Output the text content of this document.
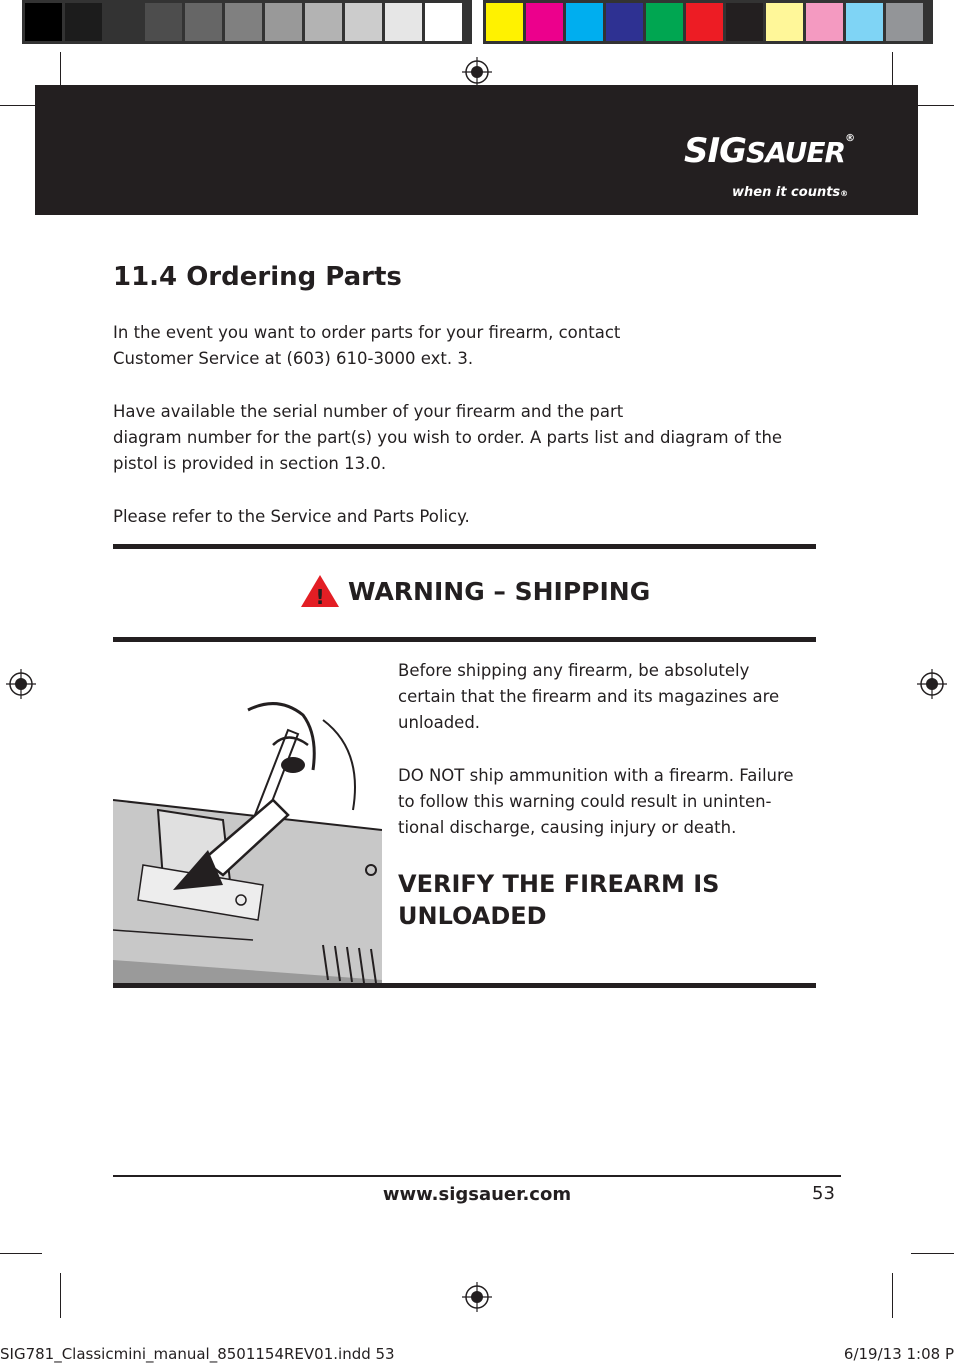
SIGSAUER®
when it counts®
11.4 Ordering Parts
In the event you want to order parts for your firearm, contact
Customer Service at (603) 610-3000 ext. 3.
Have available the serial number of your firearm and the part
diagram number for the part(s) you wish to order. A parts list and diagram of the
pistol is provided in section 13.0.
Please refer to the Service and Parts Policy.
! WARNING – SHIPPING
Before shipping any firearm, be absolutely
certain that the firearm and its magazines are
unloaded.
DO NOT ship ammunition with a firearm. Failure
to follow this warning could result in uninten-
tional discharge, causing injury or death.
VERIFY THE FIREARM IS
UNLOADED
www.sigsauer.com	53
SIG781_Classicmini_manual_8501154REV01.indd 53	6/19/13 1:08 P
